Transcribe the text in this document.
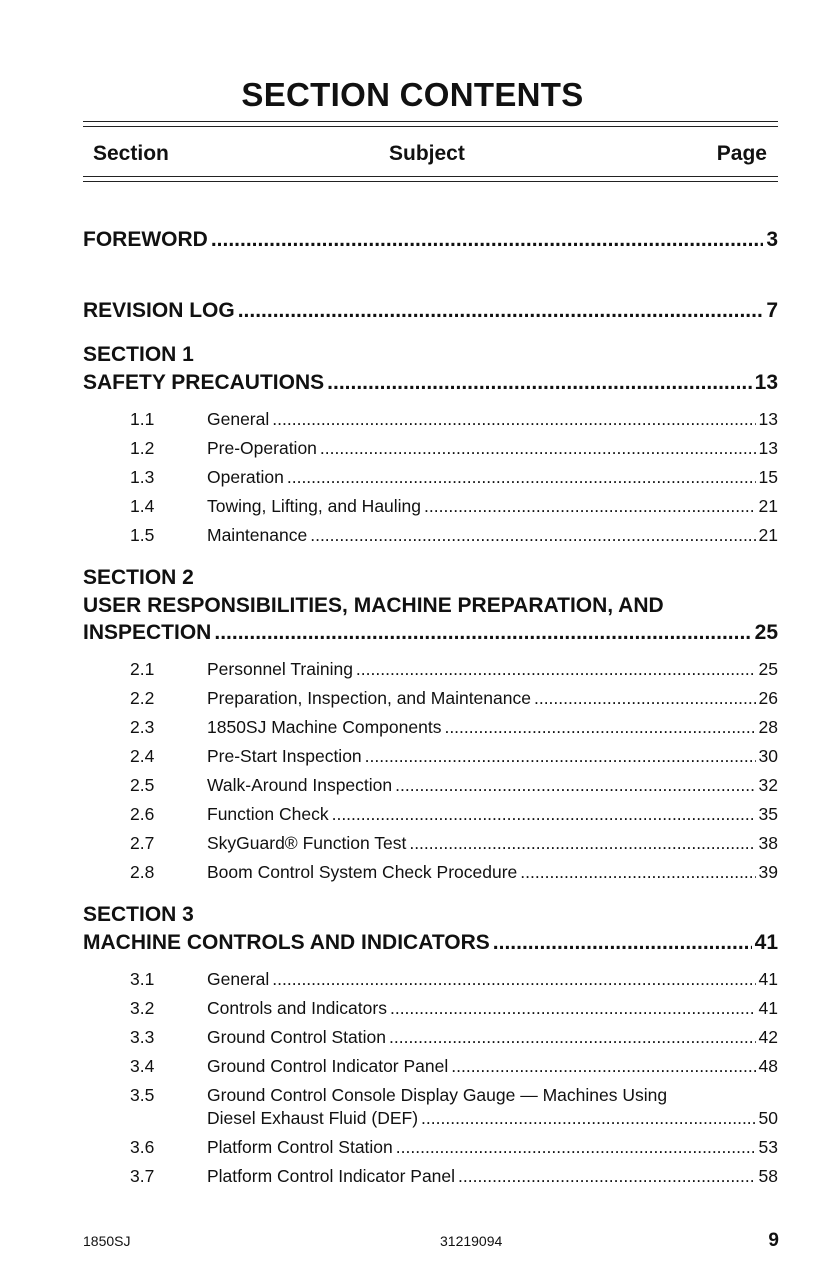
SECTION CONTENTS
Section	Subject	Page
FOREWORD .....	3
REVISION LOG .....	7
SECTION 1
SAFETY PRECAUTIONS .....	13
1.1	General .....	13
1.2	Pre-Operation .....	13
1.3	Operation .....	15
1.4	Towing, Lifting, and Hauling .....	21
1.5	Maintenance .....	21
SECTION 2
USER RESPONSIBILITIES, MACHINE PREPARATION, AND
INSPECTION .....	25
2.1	Personnel Training .....	25
2.2	Preparation, Inspection, and Maintenance .....	26
2.3	1850SJ Machine Components .....	28
2.4	Pre-Start Inspection .....	30
2.5	Walk-Around Inspection .....	32
2.6	Function Check .....	35
2.7	SkyGuard® Function Test .....	38
2.8	Boom Control System Check Procedure .....	39
SECTION 3
MACHINE CONTROLS AND INDICATORS .....	41
3.1	General .....	41
3.2	Controls and Indicators .....	41
3.3	Ground Control Station .....	42
3.4	Ground Control Indicator Panel .....	48
3.5	Ground Control Console Display Gauge — Machines Using
Diesel Exhaust Fluid (DEF) .....	50
3.6	Platform Control Station .....	53
3.7	Platform Control Indicator Panel .....	58
1850SJ	31219094	9
